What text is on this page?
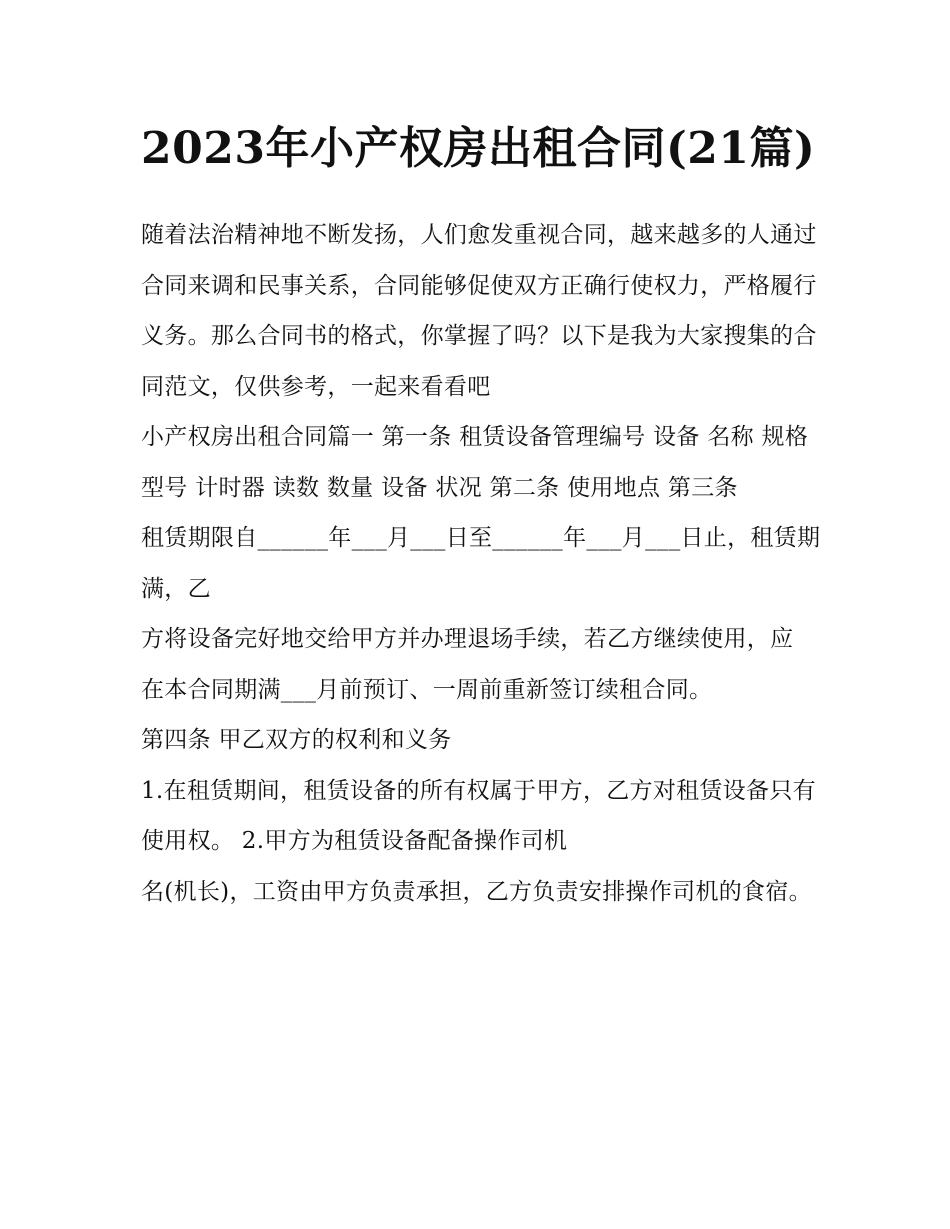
2023年小产权房出租合同(21篇)

随着法治精神地不断发扬，人们愈发重视合同，越来越多的人通过合同来调和民事关系，合同能够促使双方正确行使权力，严格履行义务。那么合同书的格式，你掌握了吗？以下是我为大家搜集的合同范文，仅供参考，一起来看看吧

小产权房出租合同篇一 第一条 租赁设备管理编号 设备 名称 规格 型号 计时器 读数 数量 设备 状况 第二条 使用地点 第三条

租赁期限自______年___月___日至______年___月___日止，租赁期满，乙

方将设备完好地交给甲方并办理退场手续，若乙方继续使用，应 在本合同期满___月前预订、一周前重新签订续租合同。

第四条 甲乙双方的权利和义务

1.在租赁期间，租赁设备的所有权属于甲方，乙方对租赁设备只有使用权。 2.甲方为租赁设备配备操作司机

名(机长)，工资由甲方负责承担，乙方负责安排操作司机的食宿。
